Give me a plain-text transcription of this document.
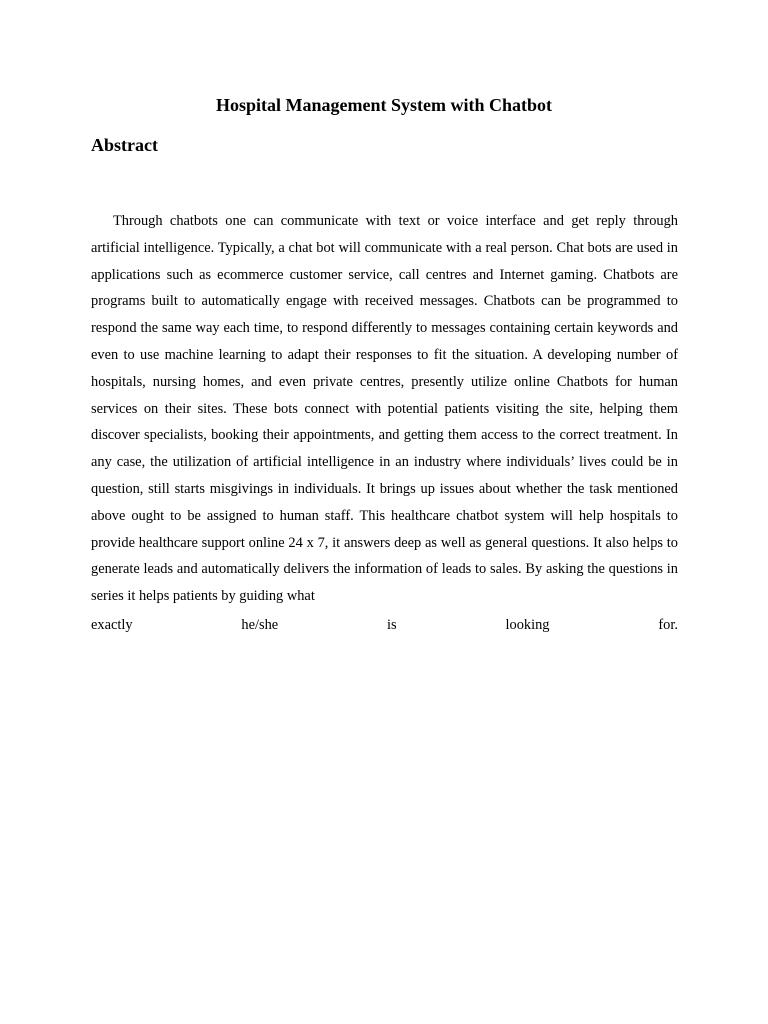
Hospital Management System with Chatbot
Abstract

Through chatbots one can communicate with text or voice interface and get reply through artificial intelligence. Typically, a chat bot will communicate with a real person. Chat bots are used in applications such as ecommerce customer service, call centres and Internet gaming. Chatbots are programs built to automatically engage with received messages. Chatbots can be programmed to respond the same way each time, to respond differently to messages containing certain keywords and even to use machine learning to adapt their responses to fit the situation. A developing number of hospitals, nursing homes, and even private centres, presently utilize online Chatbots for human services on their sites. These bots connect with potential patients visiting the site, helping them discover specialists, booking their appointments, and getting them access to the correct treatment. In any case, the utilization of artificial intelligence in an industry where individuals’ lives could be in question, still starts misgivings in individuals. It brings up issues about whether the task mentioned above ought to be assigned to human staff. This healthcare chatbot system will help hospitals to provide healthcare support online 24 x 7, it answers deep as well as general questions. It also helps to generate leads and automatically delivers the information of leads to sales. By asking the questions in series it helps patients by guiding what

exactly	he/she	is	looking	for.
